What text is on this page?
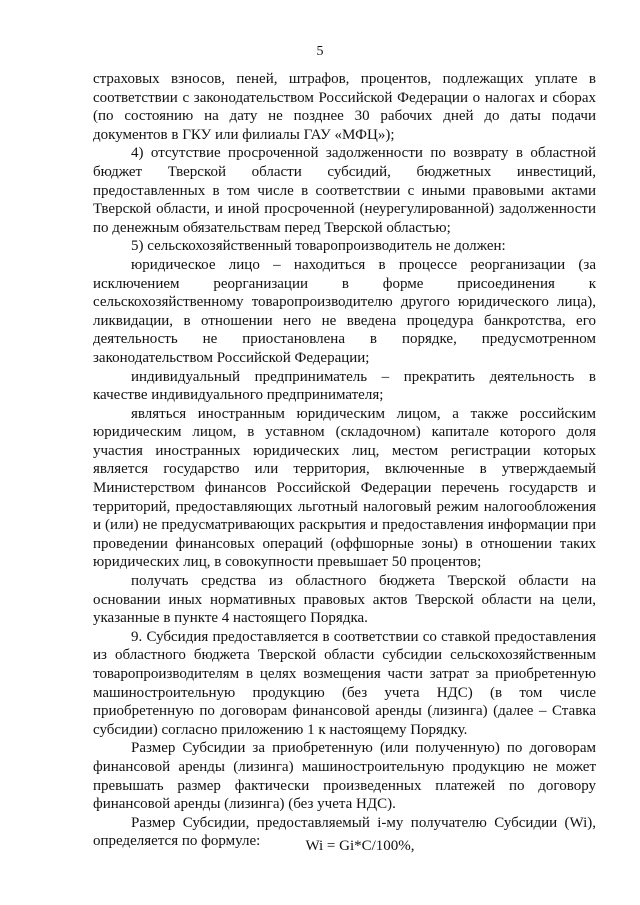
5

страховых взносов, пеней, штрафов, процентов, подлежащих уплате в соответствии с законодательством Российской Федерации о налогах и сборах (по состоянию на дату не позднее 30 рабочих дней до даты подачи документов в ГКУ или филиалы ГАУ «МФЦ»);

4) отсутствие просроченной задолженности по возврату в областной бюджет Тверской области субсидий, бюджетных инвестиций, предоставленных в том числе в соответствии с иными правовыми актами Тверской области, и иной просроченной (неурегулированной) задолженности по денежным обязательствам перед Тверской областью;

5) сельскохозяйственный товаропроизводитель не должен:

юридическое лицо – находиться в процессе реорганизации (за исключением реорганизации в форме присоединения к сельскохозяйственному товаропроизводителю другого юридического лица), ликвидации, в отношении него не введена процедура банкротства, его деятельность не приостановлена в порядке, предусмотренном законодательством Российской Федерации;

индивидуальный предприниматель – прекратить деятельность в качестве индивидуального предпринимателя;

являться иностранным юридическим лицом, а также российским юридическим лицом, в уставном (складочном) капитале которого доля участия иностранных юридических лиц, местом регистрации которых является государство или территория, включенные в утверждаемый Министерством финансов Российской Федерации перечень государств и территорий, предоставляющих льготный налоговый режим налогообложения и (или) не предусматривающих раскрытия и предоставления информации при проведении финансовых операций (оффшорные зоны) в отношении таких юридических лиц, в совокупности превышает 50 процентов;

получать средства из областного бюджета Тверской области на основании иных нормативных правовых актов Тверской области на цели, указанные в пункте 4 настоящего Порядка.

9. Субсидия предоставляется в соответствии со ставкой предоставления из областного бюджета Тверской области субсидии сельскохозяйственным товаропроизводителям в целях возмещения части затрат за приобретенную машиностроительную продукцию (без учета НДС) (в том числе приобретенную по договорам финансовой аренды (лизинга) (далее – Ставка субсидии) согласно приложению 1 к настоящему Порядку.

Размер Субсидии за приобретенную (или полученную) по договорам финансовой аренды (лизинга) машиностроительную продукцию не может превышать размер фактически произведенных платежей по договору финансовой аренды (лизинга) (без учета НДС).

Размер Субсидии, предоставляемый i-му получателю Субсидии (Wi), определяется по формуле:	Wi = Gi*C/100%,
